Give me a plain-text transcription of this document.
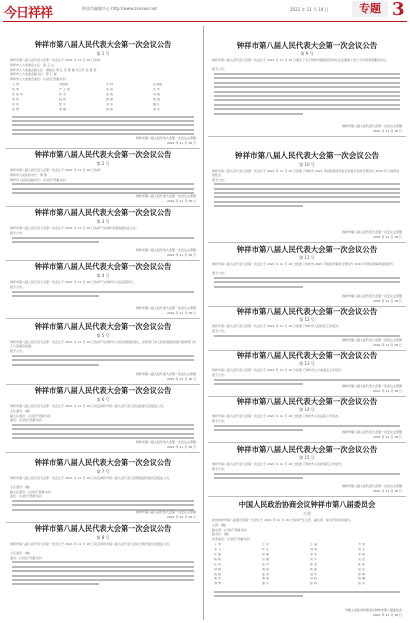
今日祥祥	钟祥市融媒中心 http://www.zxnews.net	2021 年 11 月 19 日	专题 3
钟祥市第八届人民代表大会第一次会议公告
第 1 号
钟祥市第八届人民代表大会第一次会议于 2021 年 11 月 18 日选举：
钟祥市人大常委会主任：胡 云 山
钟祥市人大常委会副主任：唐淑杰 周 红 亮 陈 刚 朱汉芳 张 德 民
钟祥市人大常委会秘书长：陈 仁 彬
钟祥市人大常委会委员：(以姓氏笔画为序)
王 勇	刘德健	许 辉	汪明媛
杜 明	严 玉 强	李 锋	张 华
张 爱 军	陈 杰	邵 雷	易 娟
胡 伟	赵 新	唐 敏	黄 波
彭 莉	曾 平	蔡 军	魏 红
熊 勇	周 静	程 翔	谭 芳
钟祥市第八届人民代表大会第一次会议主席团
2021 年 11 月 18 日
钟祥市第八届人民代表大会第一次会议公告
第 2 号
钟祥市第八届人民代表大会第一次会议于 2021 年 11 月 18 日选举：
钟祥市人民政府市长：钟 锋
钟祥市人民政府副市长：(以姓氏笔画为序)
钟祥市第八届人民代表大会第一次会议主席团
2021 年 11 月 18 日
钟祥市第八届人民代表大会第一次会议公告
第 3 号
钟祥市第八届人民代表大会第一次会议于 2021 年 11 月 18 日选举产生钟祥市监察委员会主任。
现予公告。
钟祥市第八届人民代表大会第一次会议主席团
2021 年 11 月 18 日
钟祥市第八届人民代表大会第一次会议公告
第 4 号
钟祥市第八届人民代表大会第一次会议于 2021 年 11 月 18 日选举产生钟祥市人民法院院长。
现予公告。
钟祥市第八届人民代表大会第一次会议主席团
2021 年 11 月 18 日
钟祥市第八届人民代表大会第一次会议公告
第 5 号
钟祥市第八届人民代表大会第一次会议于 2021 年 11 月 18 日选举产生钟祥市人民检察院检察长，并报荆门市人民检察院检察长提请荆门市人大常委会批准。
现予公告。
钟祥市第八届人民代表大会第一次会议主席团
2021 年 11 月 18 日
钟祥市第八届人民代表大会第一次会议公告
第 6 号
钟祥市第八届人民代表大会第一次会议于 2021 年 11 月 18 日决定钟祥市第八届人民代表大会法制委员会组成人员。
主任委员：(略)
副主任委员：(以姓氏笔画为序)
委员：(以姓氏笔画为序)
钟祥市第八届人民代表大会第一次会议主席团
2021 年 11 月 18 日
钟祥市第八届人民代表大会第一次会议公告
第 7 号
钟祥市第八届人民代表大会第一次会议于 2021 年 11 月 18 日决定钟祥市第八届人民代表大会财政经济委员会组成人员。
主任委员：(略)
副主任委员：(以姓氏笔画为序)
委员：(以姓氏笔画为序)
钟祥市第八届人民代表大会第一次会议主席团
2021 年 11 月 18 日
钟祥市第八届人民代表大会第一次会议公告
第 8 号
钟祥市第八届人民代表大会第一次会议于 2021 年 11 月 18 日决定钟祥市第八届人民代表大会社会建设委员会组成人员。
主任委员：(略)
委员：(以姓氏笔画为序)
钟祥市第八届人民代表大会第一次会议公告
第 9 号
钟祥市第八届人民代表大会第一次会议于 2021 年 11 月 18 日通过了关于钟祥市国民经济和社会发展第十四个五年规划纲要的决议。
现予公告。
钟祥市第八届人民代表大会第一次会议主席团
2021 年 11 月 18 日
钟祥市第八届人民代表大会第一次会议公告
第 10 号
钟祥市第八届人民代表大会第一次会议于 2021 年 11 月 18 日批准了钟祥市 2021 年国民经济和社会发展计划执行情况与 2022 年计划草案的报告。
现予公告。
钟祥市第八届人民代表大会第一次会议主席团
2021 年 11 月 18 日
钟祥市第八届人民代表大会第一次会议公告
第 11 号
钟祥市第八届人民代表大会第一次会议于 2021 年 11 月 18 日批准了钟祥市 2021 年财政预算执行情况与 2022 年财政预算草案的报告。
现予公告。
钟祥市第八届人民代表大会第一次会议主席团
2021 年 11 月 18 日
钟祥市第八届人民代表大会第一次会议公告
第 12 号
钟祥市第八届人民代表大会第一次会议于 2021 年 11 月 18 日批准了钟祥市人民政府工作报告。
现予公告。
钟祥市第八届人民代表大会第一次会议主席团
2021 年 11 月 18 日
钟祥市第八届人民代表大会第一次会议公告
第 13 号
钟祥市第八届人民代表大会第一次会议于 2021 年 11 月 18 日批准了钟祥市人大常委会工作报告。
现予公告。
钟祥市第八届人民代表大会第一次会议主席团
2021 年 11 月 18 日
钟祥市第八届人民代表大会第一次会议公告
第 14 号
钟祥市第八届人民代表大会第一次会议于 2021 年 11 月 18 日批准了钟祥市人民法院工作报告。
现予公告。
钟祥市第八届人民代表大会第一次会议主席团
2021 年 11 月 18 日
钟祥市第八届人民代表大会第一次会议公告
第 15 号
钟祥市第八届人民代表大会第一次会议于 2021 年 11 月 18 日批准了钟祥市人民检察院工作报告。
现予公告。
钟祥市第八届人民代表大会第一次会议主席团
2021 年 11 月 18 日
中国人民政治协商会议钟祥市第八届委员会
公告
政协钟祥市第八届委员会第一次会议于 2021 年 11 月 18 日选举产生主席、副主席、秘书长和常务委员。
主席：(略)
副主席：(以姓氏笔画为序)
秘书长：(略)
常务委员：(以姓氏笔画为序)
丁 伟	王 军	王 丽	方 涛
龙 飞	叶 红	刘 明	刘 芳
许 强	孙 静	李 华	李 敏
杨 帆	吴 刚	何 平	沈 洁
张 伟	张 玲	陈 浩	陈 燕
林 峰	周 斌	郑 霞	赵 亮
胡 颖	姜 涛	聂 军	徐 敏
黄 杰	曹 丽	彭 辉	程 琳
傅 勇	谢 芳	雷 鸣	熊 英
中国人民政治协商会议钟祥市第八届委员会
2021 年 11 月 18 日
